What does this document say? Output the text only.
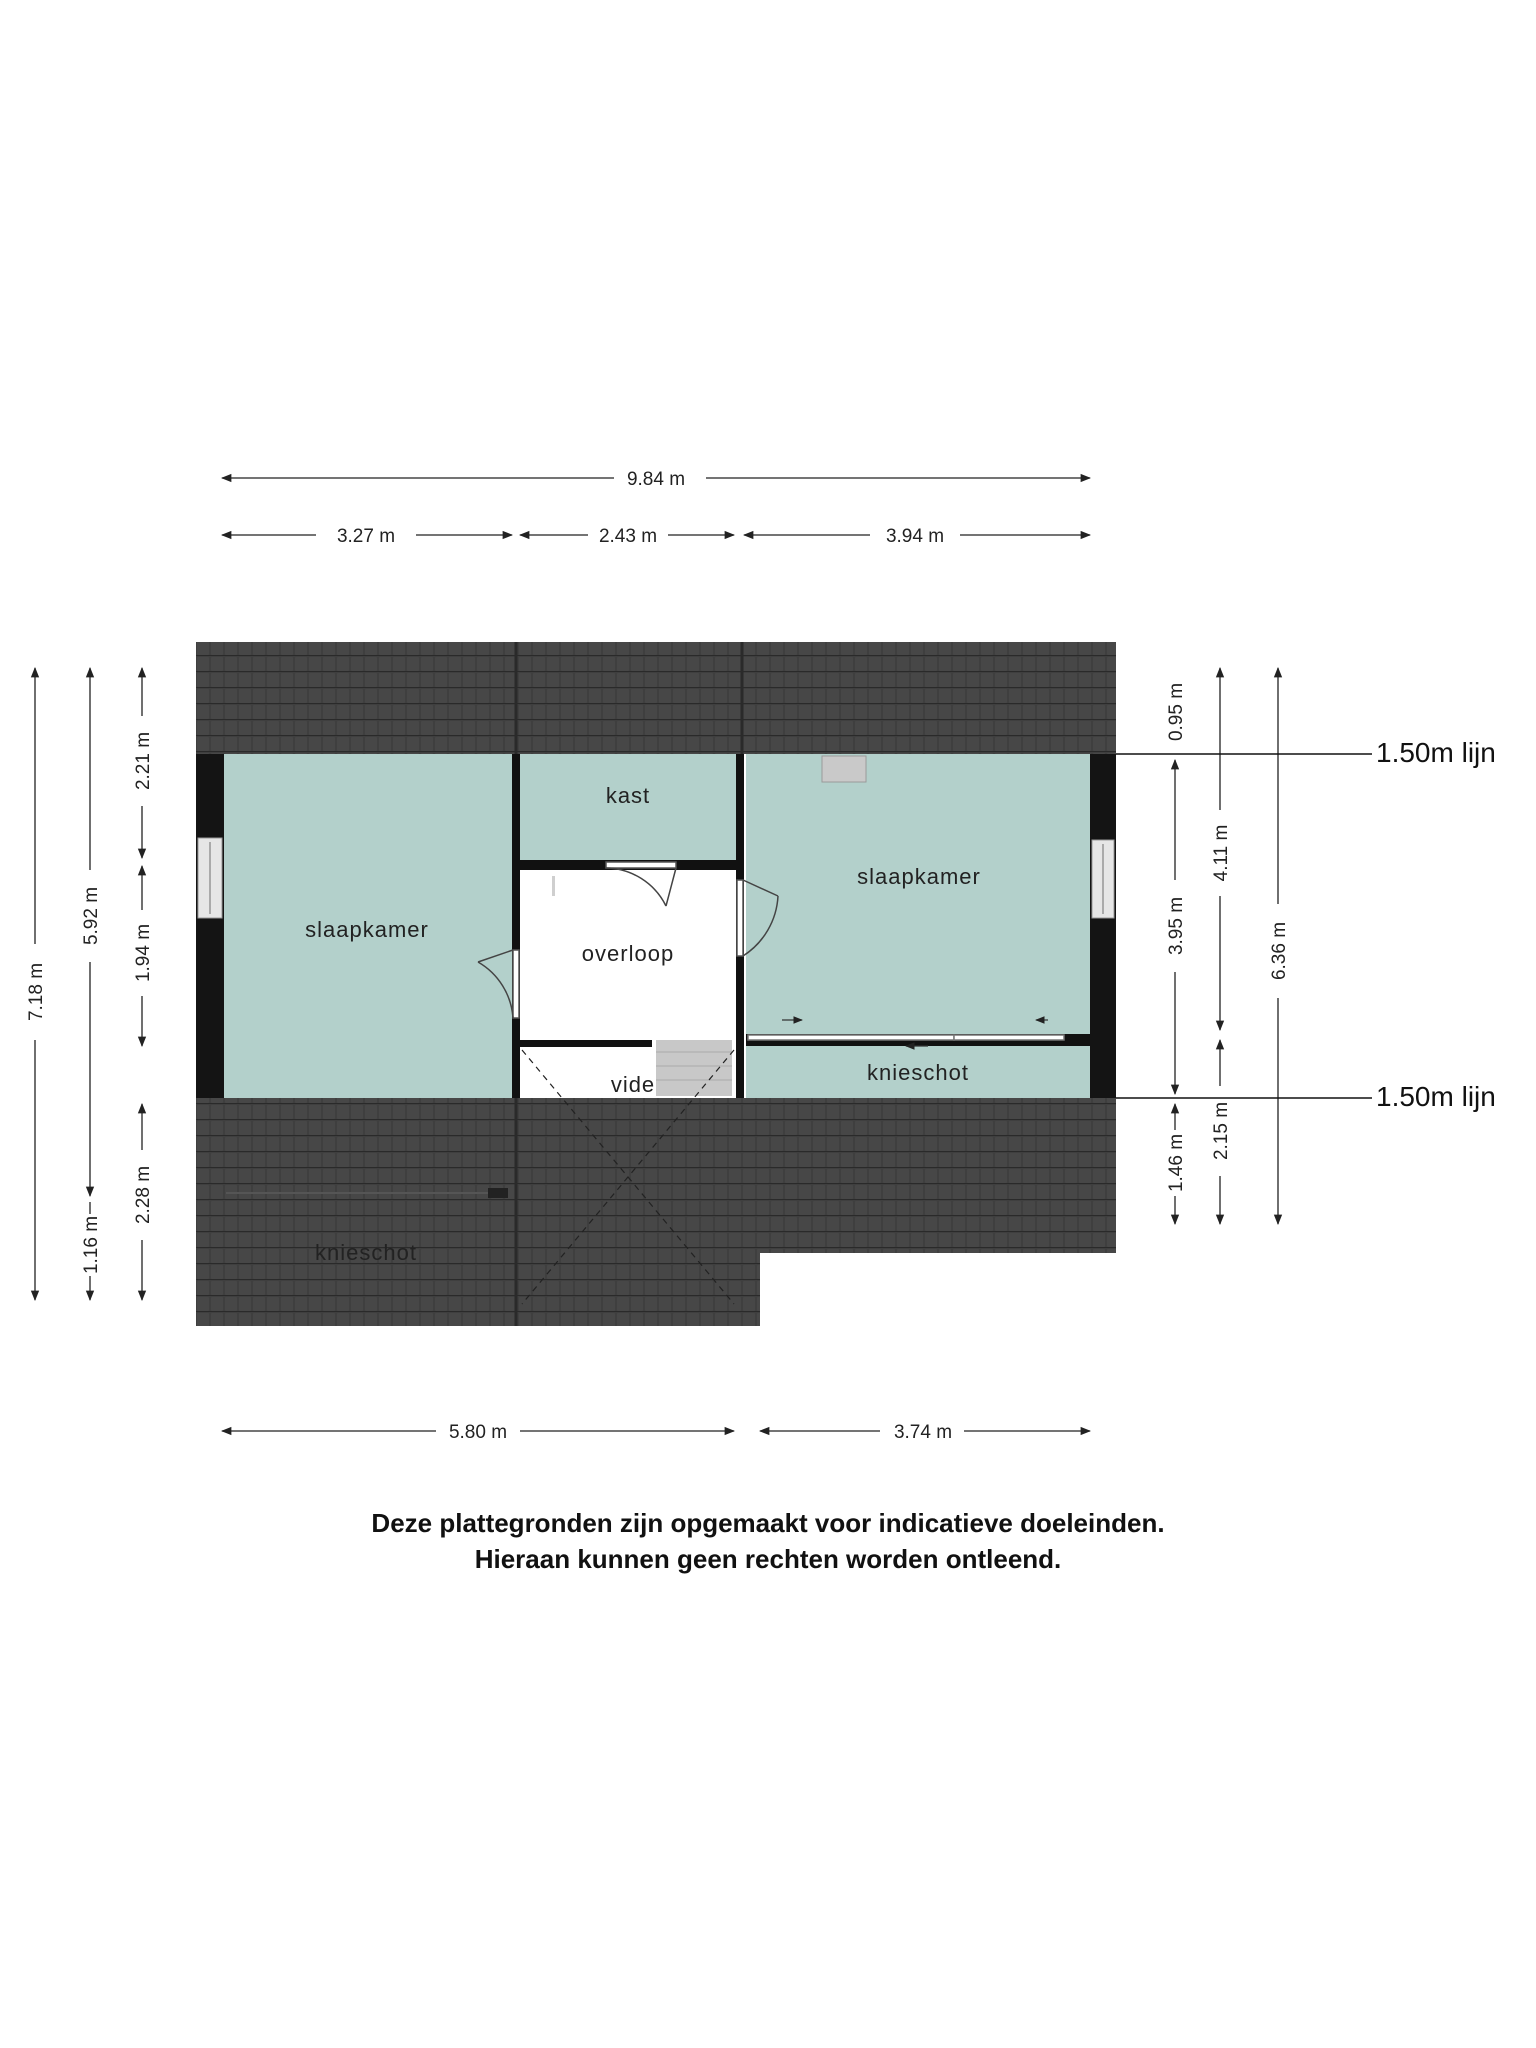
slaapkamer
kast
overloop
slaapkamer
vide	knieschot
knieschot
9.84 m
3.27 m	2.43 m	3.94 m
5.80 m	3.74 m
7.18 m
5.92 m
1.16 m
2.21 m
1.94 m
2.28 m
0.95 m
3.95 m
1.46 m
4.11 m
2.15 m
6.36 m
1.50m lijn
1.50m lijn
Deze plattegronden zijn opgemaakt voor indicatieve doeleinden.
Hieraan kunnen geen rechten worden ontleend.
